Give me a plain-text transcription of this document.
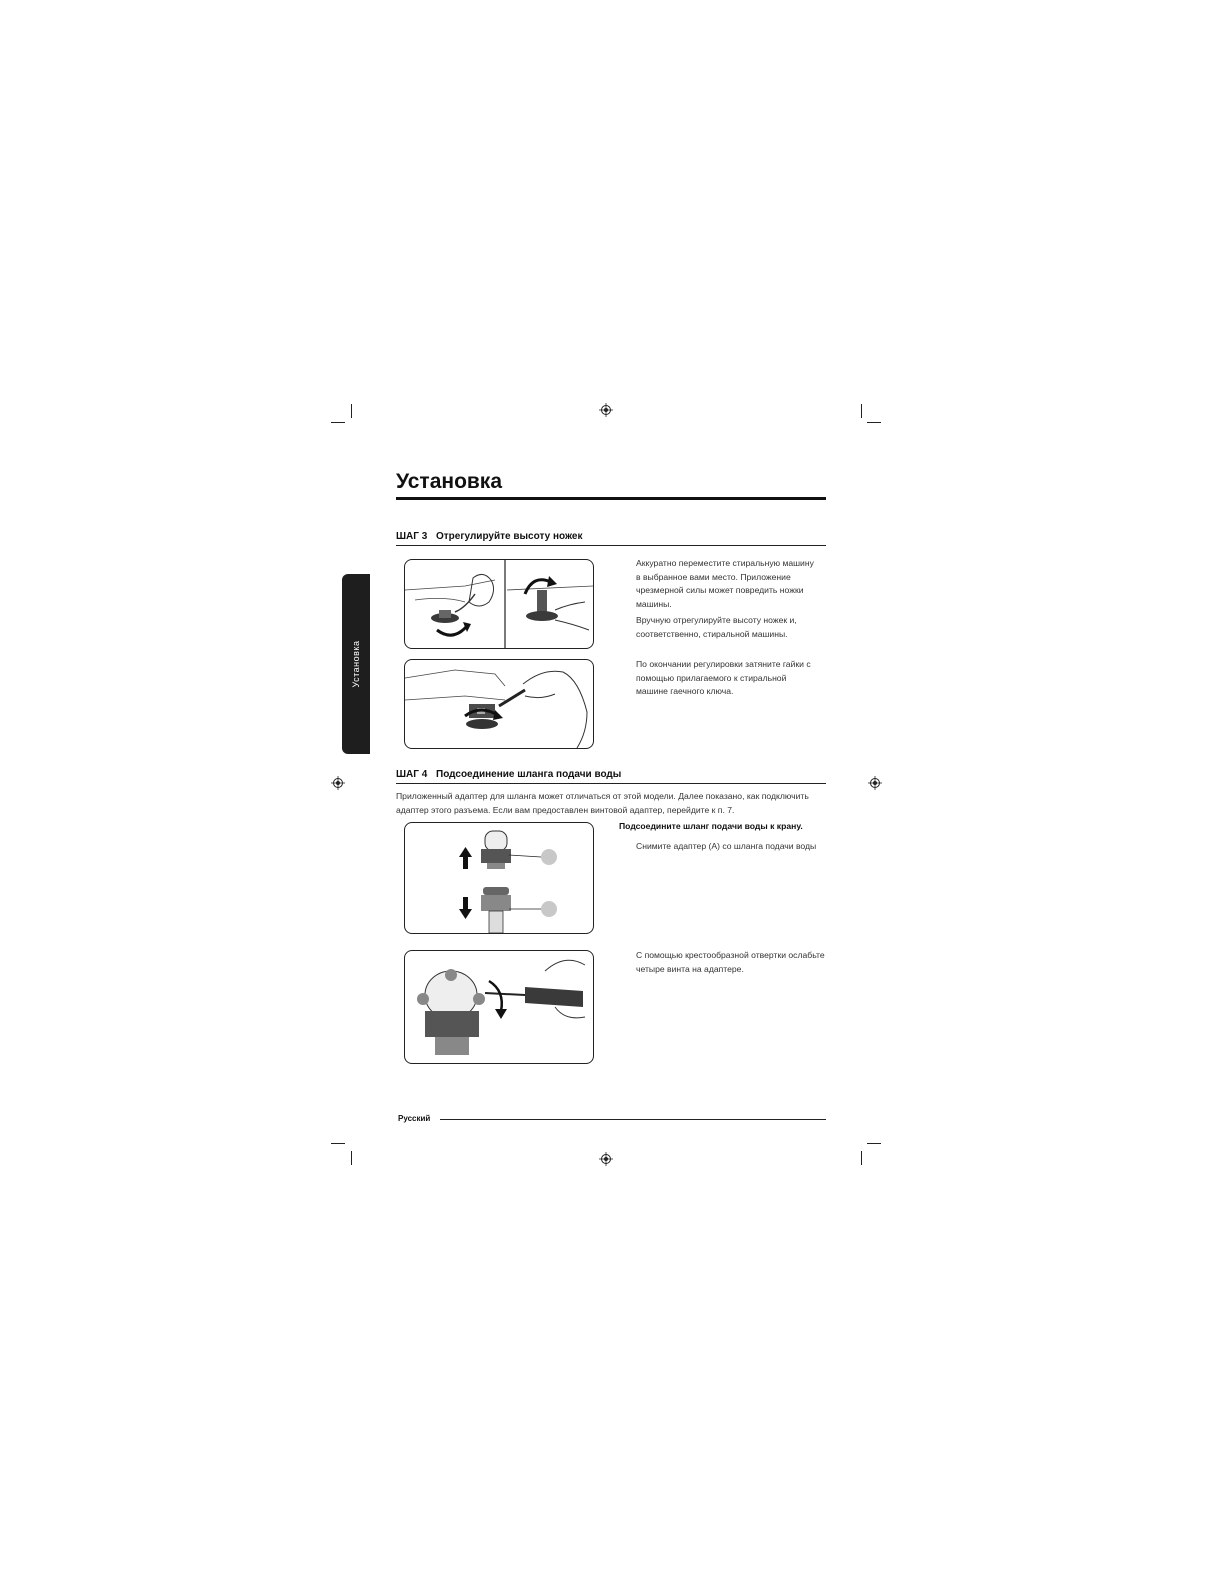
Установка
Установка
ШАГ 3 Отрегулируйте высоту ножек

Аккуратно переместите стиральную машину в выбранное вами место. Приложение чрезмерной силы может повредить ножки машины.

Вручную отрегулируйте высоту ножек и, соответственно, стиральной машины.

По окончании регулировки затяните гайки с помощью прилагаемого к стиральной машине гаечного ключа.

ШАГ 4 Подсоединение шланга подачи воды
Приложенный адаптер для шланга может отличаться от этой модели. Далее показано, как подключить адаптер этого разъема. Если вам предоставлен винтовой адаптер, перейдите к п. 7.
Подсоедините шланг подачи воды к крану.
Снимите адаптер (A) со шланга подачи воды
С помощью крестообразной отвертки ослабьте четыре винта на адаптере.
Русский
